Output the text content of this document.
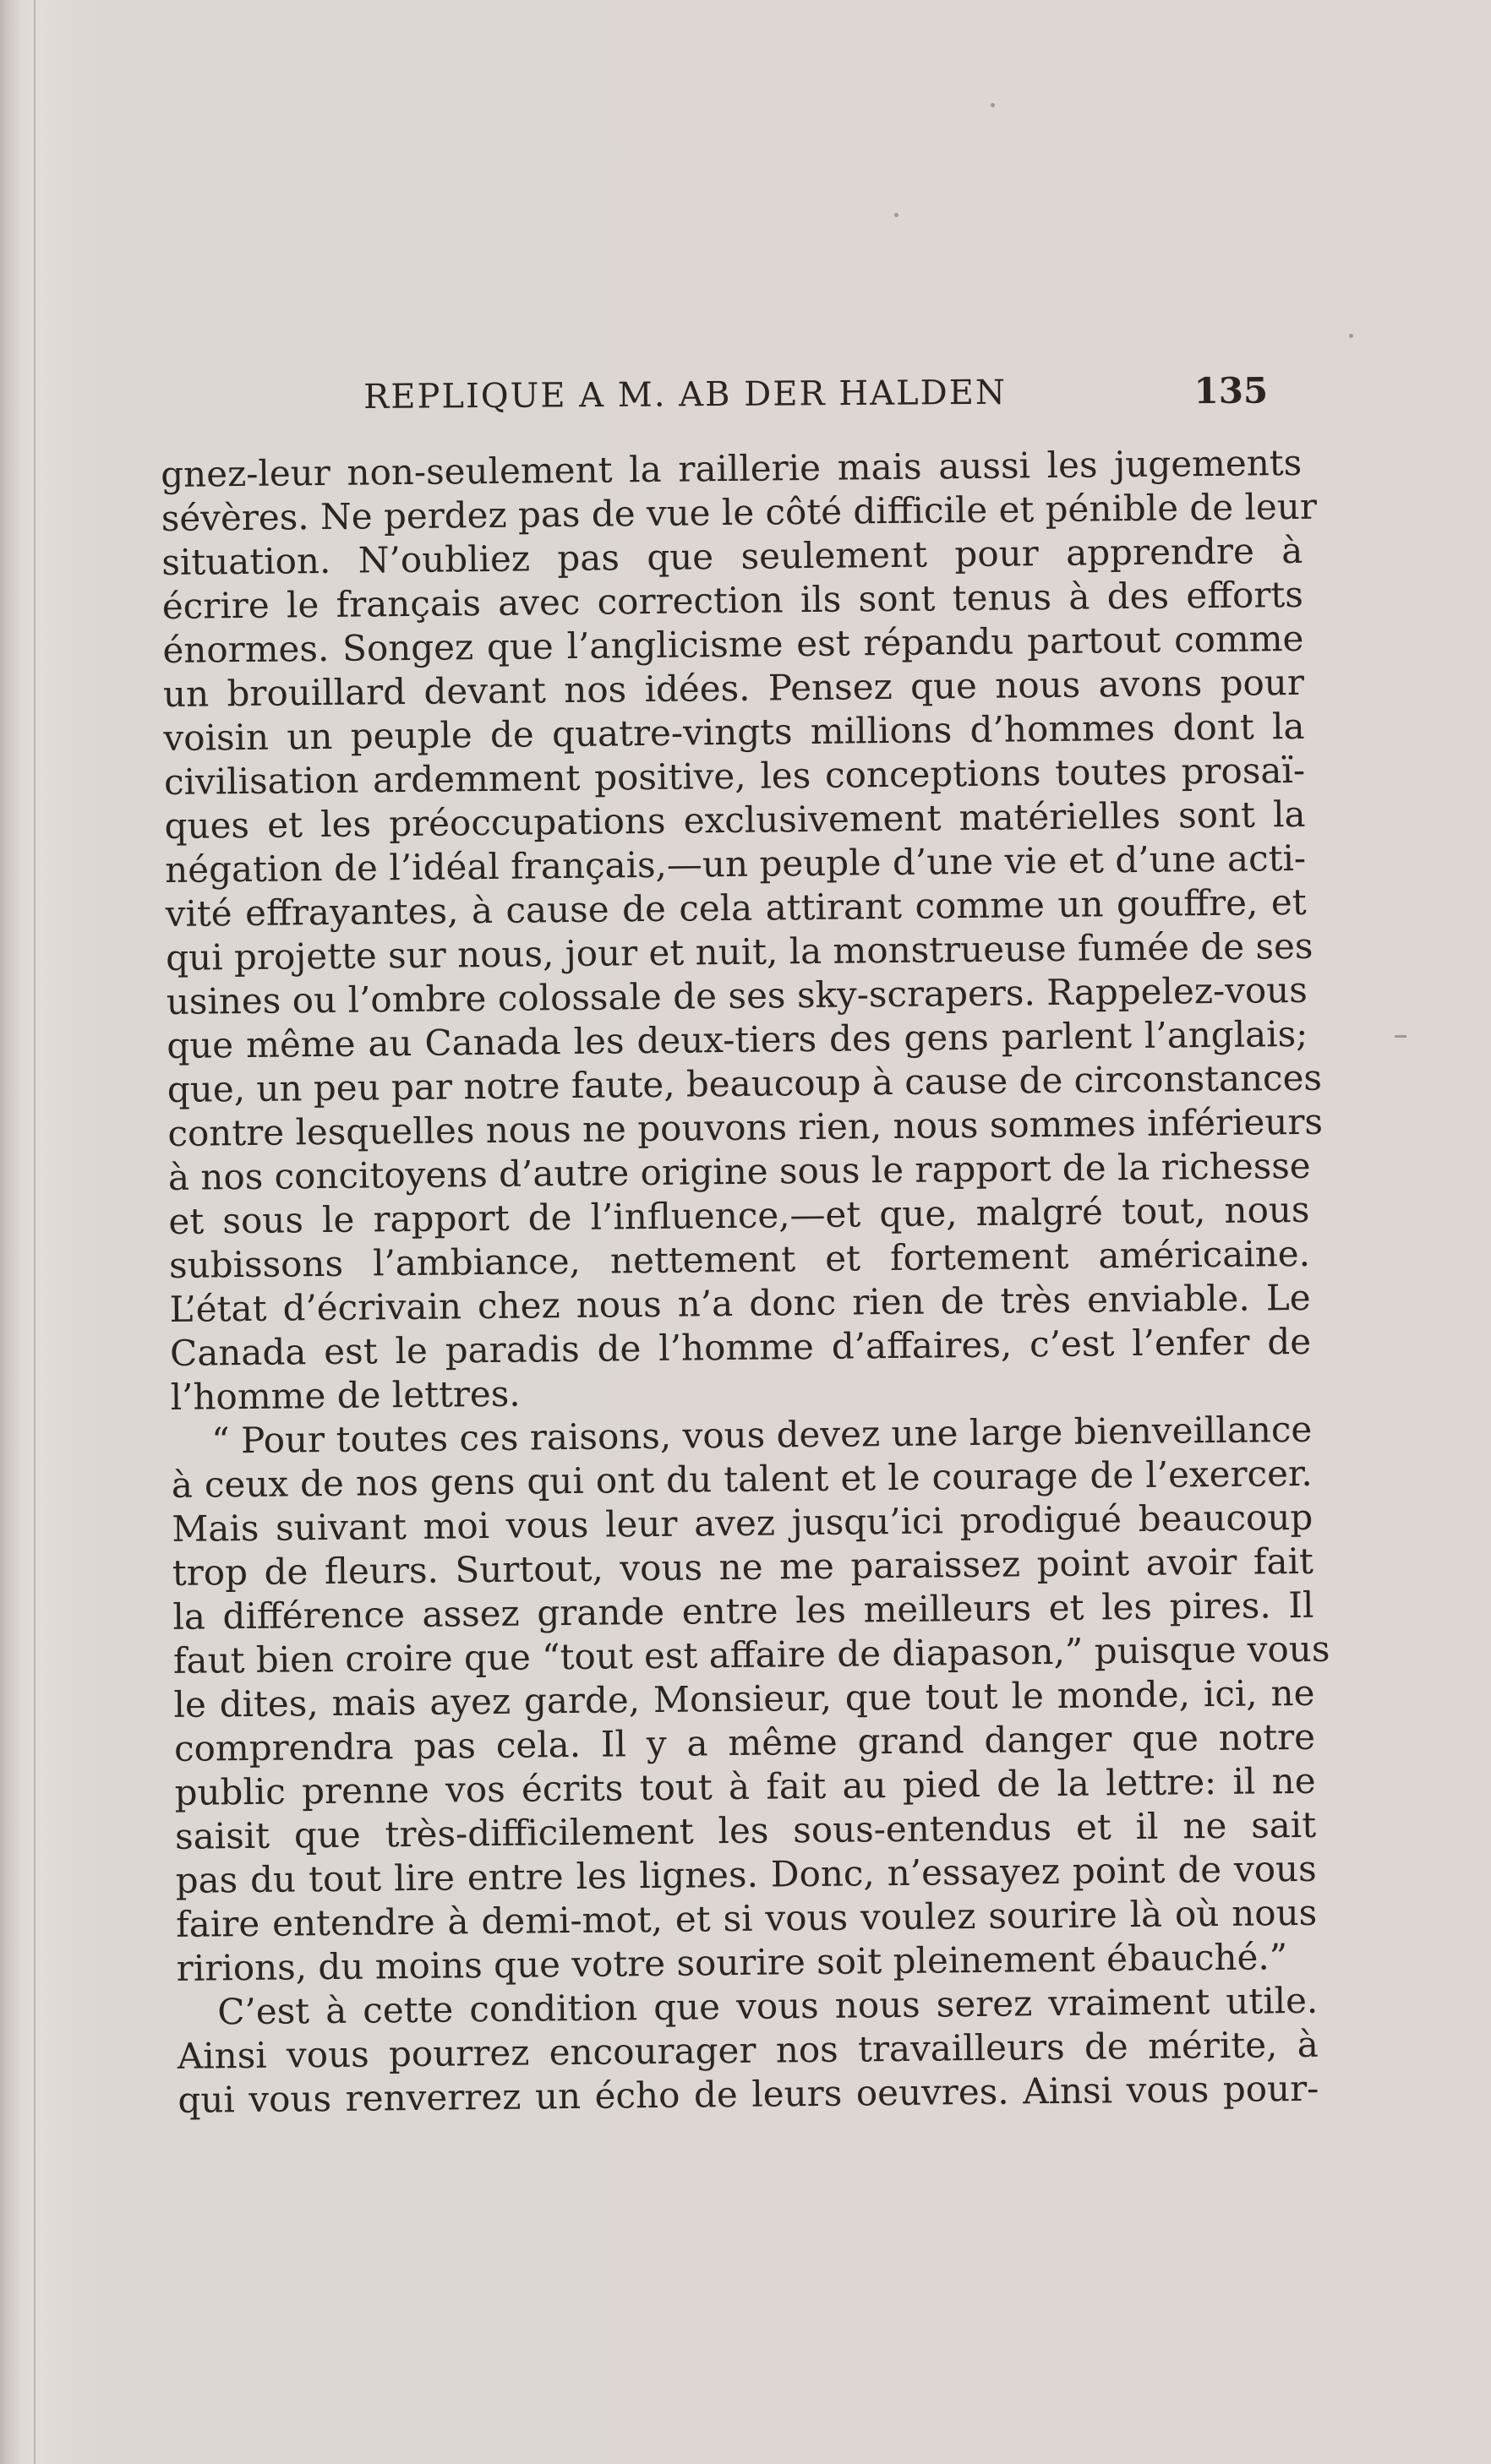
REPLIQUE A M. AB DER HALDEN	135

gnez-leur non-seulement la raillerie mais aussi les jugements
sévères. Ne perdez pas de vue le côté difficile et pénible de leur
situation. N’oubliez pas que seulement pour apprendre à
écrire le français avec correction ils sont tenus à des efforts
énormes. Songez que l’anglicisme est répandu partout comme
un brouillard devant nos idées. Pensez que nous avons pour
voisin un peuple de quatre-vingts millions d’hommes dont la
civilisation ardemment positive, les conceptions toutes prosaï-
ques et les préoccupations exclusivement matérielles sont la
négation de l’idéal français,—un peuple d’une vie et d’une acti-
vité effrayantes, à cause de cela attirant comme un gouffre, et
qui projette sur nous, jour et nuit, la monstrueuse fumée de ses
usines ou l’ombre colossale de ses sky-scrapers. Rappelez-vous
que même au Canada les deux-tiers des gens parlent l’anglais;
que, un peu par notre faute, beaucoup à cause de circonstances
contre lesquelles nous ne pouvons rien, nous sommes inférieurs
à nos concitoyens d’autre origine sous le rapport de la richesse
et sous le rapport de l’influence,—et que, malgré tout, nous
subissons l’ambiance, nettement et fortement américaine.
L’état d’écrivain chez nous n’a donc rien de très enviable. Le
Canada est le paradis de l’homme d’affaires, c’est l’enfer de
l’homme de lettres.

“ Pour toutes ces raisons, vous devez une large bienveillance
à ceux de nos gens qui ont du talent et le courage de l’exercer.
Mais suivant moi vous leur avez jusqu’ici prodigué beaucoup
trop de fleurs. Surtout, vous ne me paraissez point avoir fait
la différence assez grande entre les meilleurs et les pires. Il
faut bien croire que “tout est affaire de diapason,” puisque vous
le dites, mais ayez garde, Monsieur, que tout le monde, ici, ne
comprendra pas cela. Il y a même grand danger que notre
public prenne vos écrits tout à fait au pied de la lettre: il ne
saisit que très-difficilement les sous-entendus et il ne sait
pas du tout lire entre les lignes. Donc, n’essayez point de vous
faire entendre à demi-mot, et si vous voulez sourire là où nous
ririons, du moins que votre sourire soit pleinement ébauché.”

C’est à cette condition que vous nous serez vraiment utile.
Ainsi vous pourrez encourager nos travailleurs de mérite, à
qui vous renverrez un écho de leurs oeuvres. Ainsi vous pour-
